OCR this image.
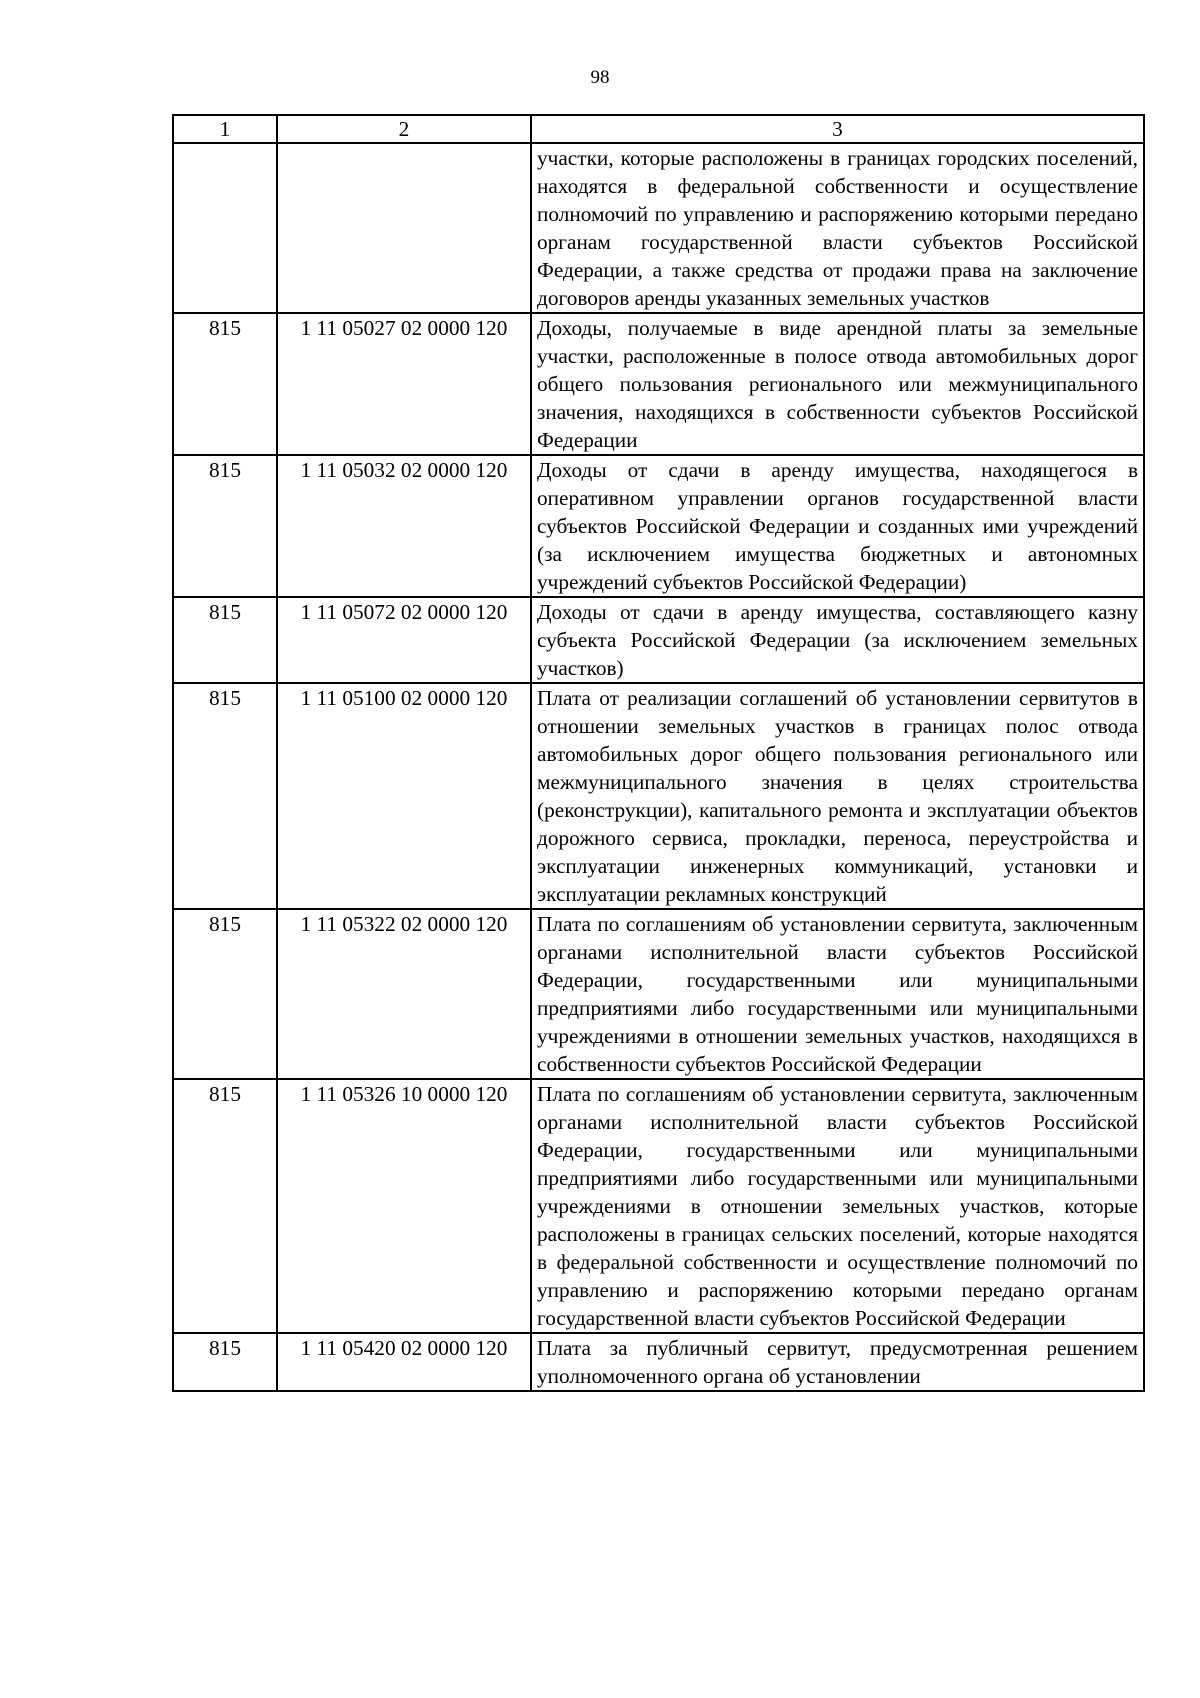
98
1	2	3
		участки, которые расположены в границах городских поселений, находятся в федеральной собственности и осуществление полномочий по управлению и распоряжению которыми передано органам государственной власти субъектов Российской Федерации, а также средства от продажи права на заключение договоров аренды указанных земельных участков
815	1 11 05027 02 0000 120	Доходы, получаемые в виде арендной платы за земельные участки, расположенные в полосе отвода автомобильных дорог общего пользования регионального или межмуниципального значения, находящихся в собственности субъектов Российской Федерации
815	1 11 05032 02 0000 120	Доходы от сдачи в аренду имущества, находящегося в оперативном управлении органов государственной власти субъектов Российской Федерации и созданных ими учреждений (за исключением имущества бюджетных и автономных учреждений субъектов Российской Федерации)
815	1 11 05072 02 0000 120	Доходы от сдачи в аренду имущества, составляющего казну субъекта Российской Федерации (за исключением земельных участков)
815	1 11 05100 02 0000 120	Плата от реализации соглашений об установлении сервитутов в отношении земельных участков в границах полос отвода автомобильных дорог общего пользования регионального или межмуниципального значения в целях строительства (реконструкции), капитального ремонта и эксплуатации объектов дорожного сервиса, прокладки, переноса, переустройства и эксплуатации инженерных коммуникаций, установки и эксплуатации рекламных конструкций
815	1 11 05322 02 0000 120	Плата по соглашениям об установлении сервитута, заключенным органами исполнительной власти субъектов Российской Федерации, государственными или муниципальными предприятиями либо государственными или муниципальными учреждениями в отношении земельных участков, находящихся в собственности субъектов Российской Федерации
815	1 11 05326 10 0000 120	Плата по соглашениям об установлении сервитута, заключенным органами исполнительной власти субъектов Российской Федерации, государственными или муниципальными предприятиями либо государственными или муниципальными учреждениями в отношении земельных участков, которые расположены в границах сельских поселений, которые находятся в федеральной собственности и осуществление полномочий по управлению и распоряжению которыми передано органам государственной власти субъектов Российской Федерации
815	1 11 05420 02 0000 120	Плата за публичный сервитут, предусмотренная решением уполномоченного органа об установлении
